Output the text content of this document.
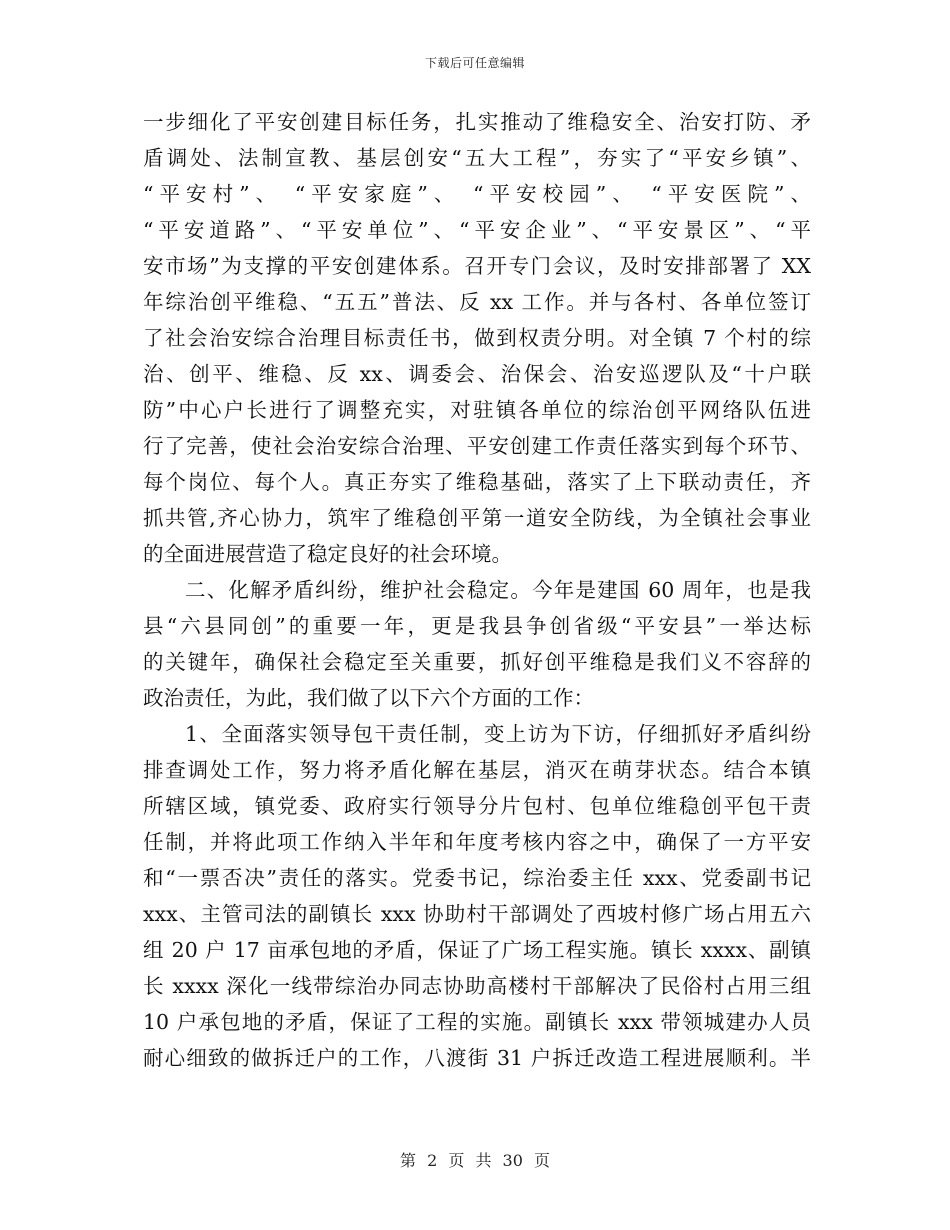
下载后可任意编辑
一步细化了平安创建目标任务，扎实推动了维稳安全、治安打防、矛
盾调处、法制宣教、基层创安“五大工程”，夯实了“平安乡镇”、
“平安村”、 “平安家庭”、 “平安校园”、 “平安医院”、
“平安道路”、“平安单位”、“平安企业”、“平安景区”、“平
安市场”为支撑的平安创建体系。召开专门会议，及时安排部署了 XX
年综治创平维稳、“五五”普法、反 xx 工作。并与各村、各单位签订
了社会治安综合治理目标责任书，做到权责分明。对全镇 7 个村的综
治、创平、维稳、反 xx、调委会、治保会、治安巡逻队及“十户联
防”中心户长进行了调整充实，对驻镇各单位的综治创平网络队伍进
行了完善，使社会治安综合治理、平安创建工作责任落实到每个环节、
每个岗位、每个人。真正夯实了维稳基础，落实了上下联动责任，齐
抓共管,齐心协力，筑牢了维稳创平第一道安全防线，为全镇社会事业
的全面进展营造了稳定良好的社会环境。
二、化解矛盾纠纷，维护社会稳定。今年是建国 60 周年，也是我
县“六县同创”的重要一年，更是我县争创省级“平安县”一举达标
的关键年，确保社会稳定至关重要，抓好创平维稳是我们义不容辞的
政治责任，为此，我们做了以下六个方面的工作：
1、全面落实领导包干责任制，变上访为下访，仔细抓好矛盾纠纷
排查调处工作，努力将矛盾化解在基层，消灭在萌芽状态。结合本镇
所辖区域，镇党委、政府实行领导分片包村、包单位维稳创平包干责
任制，并将此项工作纳入半年和年度考核内容之中，确保了一方平安
和“一票否决”责任的落实。党委书记，综治委主任 xxx、党委副书记
xxx、主管司法的副镇长 xxx 协助村干部调处了西坡村修广场占用五六
组 20 户 17 亩承包地的矛盾，保证了广场工程实施。镇长 xxxx、副镇
长 xxxx 深化一线带综治办同志协助高楼村干部解决了民俗村占用三组
10 户承包地的矛盾，保证了工程的实施。副镇长 xxx 带领城建办人员
耐心细致的做拆迁户的工作，八渡街 31 户拆迁改造工程进展顺利。半
第 2 页 共 30 页
